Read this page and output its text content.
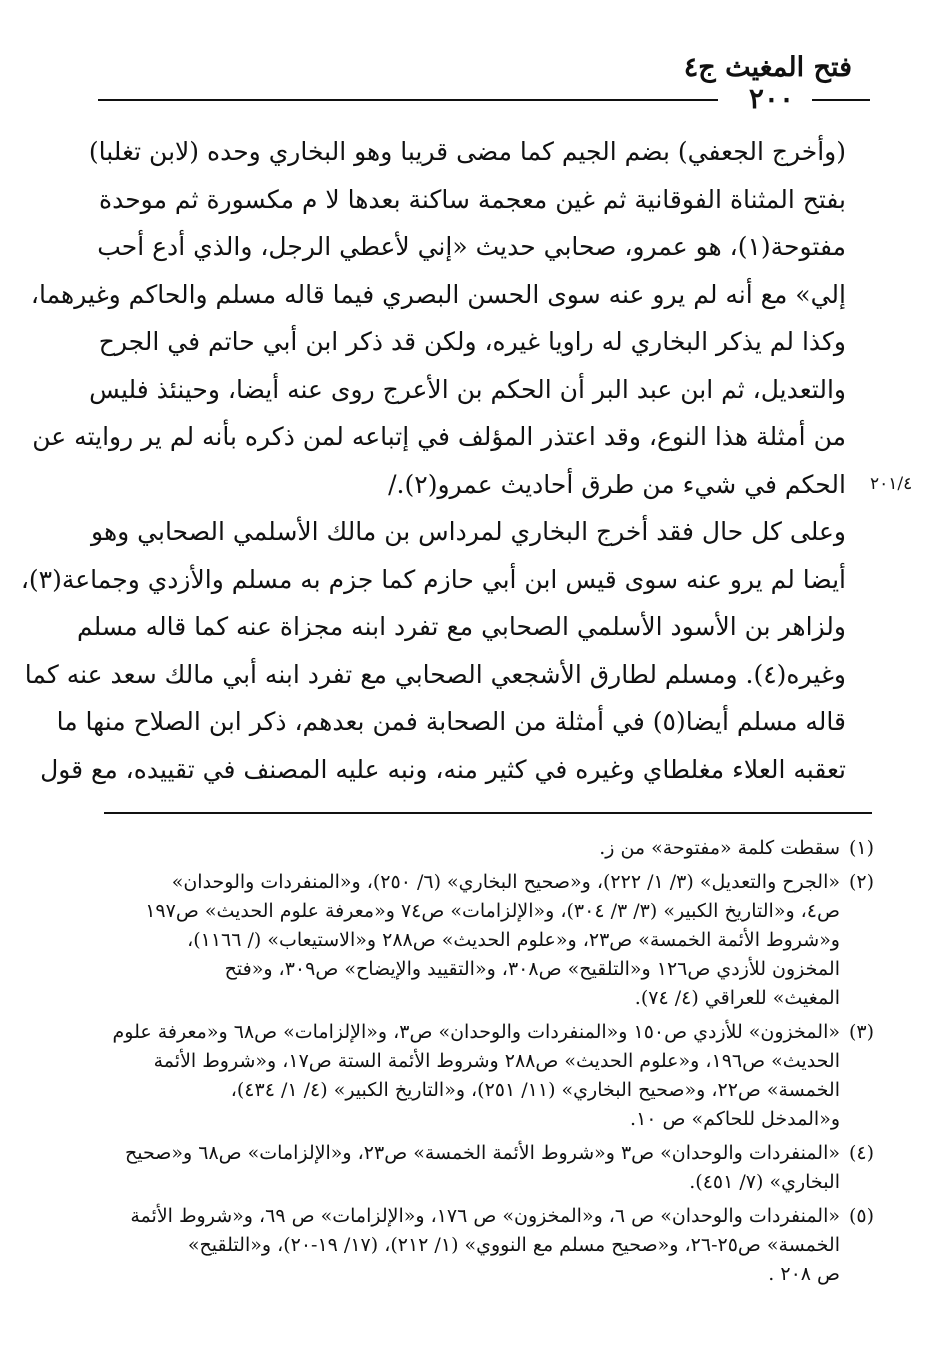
فتح المغيث ج٤
٢٠٠
٢٠١/٤

(وأخرج الجعفي) بضم الجيم كما مضى قريبا وهو البخاري وحده (لابن تغلبا)
بفتح المثناة الفوقانية ثم غين معجمة ساكنة بعدها لا م مكسورة ثم موحدة
مفتوحة(١)، هو عمرو، صحابي حديث «إني لأعطي الرجل، والذي أدع أحب
إلي» مع أنه لم يرو عنه سوى الحسن البصري فيما قاله مسلم والحاكم وغيرهما،
وكذا لم يذكر البخاري له راويا غيره، ولكن قد ذكر ابن أبي حاتم في الجرح
والتعديل، ثم ابن عبد البر أن الحكم بن الأعرج روى عنه أيضا، وحينئذ فليس
من أمثلة هذا النوع، وقد اعتذر المؤلف في إتباعه لمن ذكره بأنه لم ير روايته عن
الحكم في شيء من طرق أحاديث عمرو(٢)./

وعلى كل حال فقد أخرج البخاري لمرداس بن مالك الأسلمي الصحابي وهو
أيضا لم يرو عنه سوى قيس ابن أبي حازم كما جزم به مسلم والأزدي وجماعة(٣)،
ولزاهر بن الأسود الأسلمي الصحابي مع تفرد ابنه مجزاة عنه كما قاله مسلم
وغيره(٤). ومسلم لطارق الأشجعي الصحابي مع تفرد ابنه أبي مالك سعد عنه كما
قاله مسلم أيضا(٥) في أمثلة من الصحابة فمن بعدهم، ذكر ابن الصلاح منها ما
تعقبه العلاء مغلطاي وغيره في كثير منه، ونبه عليه المصنف في تقييده، مع قول

(١)
سقطت كلمة «مفتوحة» من ز.
(٢)
«الجرح والتعديل» (٣/ ١/ ٢٢٢)، و«صحيح البخاري» (٦/ ٢٥٠)، و«المنفردات والوحدان»
ص٤، و«التاريخ الكبير» (٣/ ٣/ ٣٠٤)، و«الإلزامات» ص٧٤ و«معرفة علوم الحديث» ص١٩٧
و«شروط الأئمة الخمسة» ص٢٣، و«علوم الحديث» ص٢٨٨ و«الاستيعاب» (/ ١١٦٦)،
المخزون للأزدي ص١٢٦ و«التلقيح» ص٣٠٨، و«التقييد والإيضاح» ص٣٠٩، و«فتح
المغيث» للعراقي (٤/ ٧٤).
(٣)
«المخزون» للأزدي ص١٥٠ و«المنفردات والوحدان» ص٣، و«الإلزامات» ص٦٨ و«معرفة علوم
الحديث» ص١٩٦، و«علوم الحديث» ص٢٨٨ وشروط الأئمة الستة ص١٧، و«شروط الأئمة
الخمسة» ص٢٢، و«صحيح البخاري» (١١/ ٢٥١)، و«التاريخ الكبير» (٤/ ١/ ٤٣٤)،
و«المدخل للحاكم» ص ١٠.
(٤)
«المنفردات والوحدان» ص٣ و«شروط الأئمة الخمسة» ص٢٣، و«الإلزامات» ص٦٨ و«صحيح
البخاري» (٧/ ٤٥١).
(٥)
«المنفردات والوحدان» ص ٦، و«المخزون» ص ١٧٦، و«الإلزامات» ص ٦٩، و«شروط الأئمة
الخمسة» ص٢٥-٢٦، و«صحيح مسلم مع النووي» (١/ ٢١٢)، (١٧/ ١٩-٢٠)، و«التلقيح»
ص ٢٠٨ .
